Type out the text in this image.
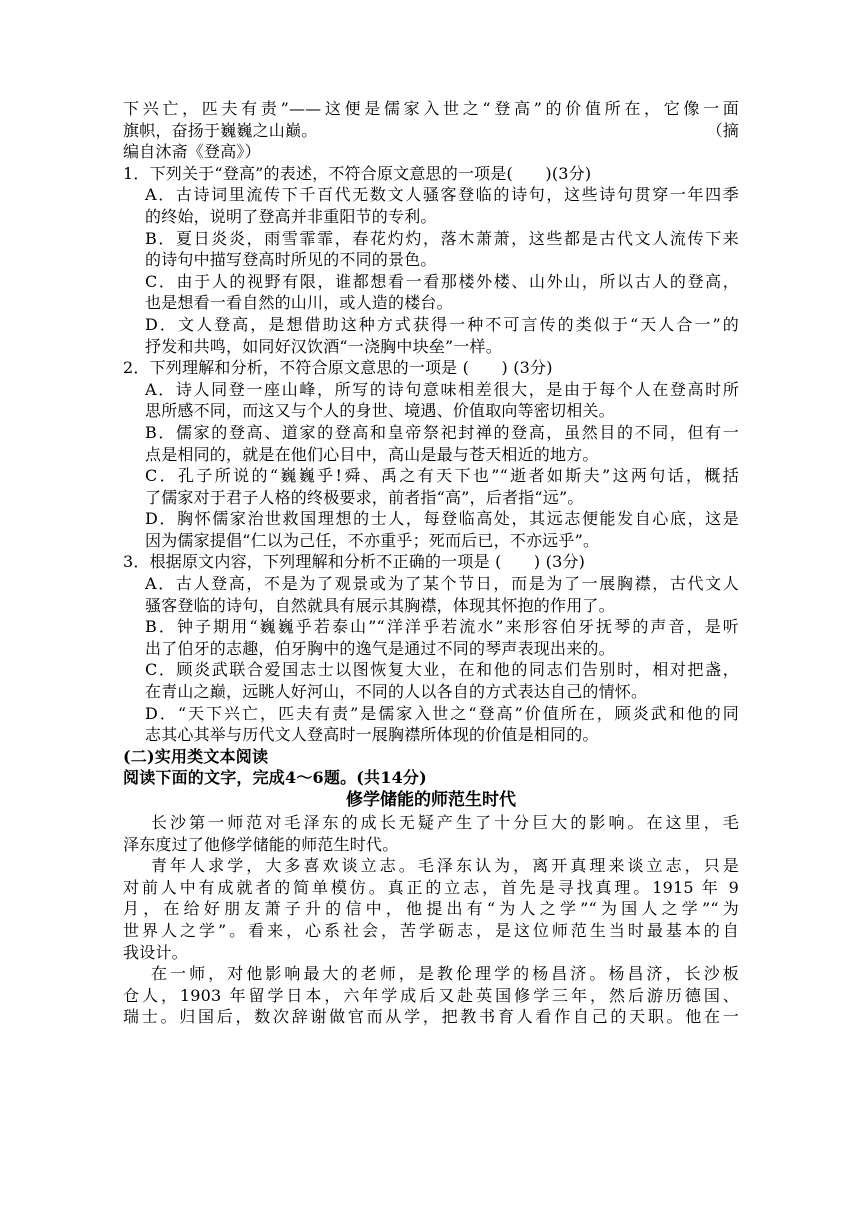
下兴亡，匹夫有责”——这便是儒家入世之“登高”的价值所在，它像一面
旗帜，奋扬于巍巍之山巅。	（摘
编自沐斋《登高》）
1．下列关于“登高”的表述，不符合原文意思的一项是(　　)(3分)
A．古诗词里流传下千百代无数文人骚客登临的诗句，这些诗句贯穿一年四季
的终始，说明了登高并非重阳节的专利。
B．夏日炎炎，雨雪霏霏，春花灼灼，落木萧萧，这些都是古代文人流传下来
的诗句中描写登高时所见的不同的景色。
C．由于人的视野有限，谁都想看一看那楼外楼、山外山，所以古人的登高，
也是想看一看自然的山川，或人造的楼台。
D．文人登高，是想借助这种方式获得一种不可言传的类似于“天人合一”的
抒发和共鸣，如同好汉饮酒“一浇胸中块垒”一样。
2．下列理解和分析，不符合原文意思的一项是 (　　) (3分)
A．诗人同登一座山峰，所写的诗句意味相差很大，是由于每个人在登高时所
思所感不同，而这又与个人的身世、境遇、价值取向等密切相关。
B．儒家的登高、道家的登高和皇帝祭祀封禅的登高，虽然目的不同，但有一
点是相同的，就是在他们心目中，高山是最与苍天相近的地方。
C．孔子所说的“巍巍乎!舜、禹之有天下也”“逝者如斯夫”这两句话，概括
了儒家对于君子人格的终极要求，前者指“高”，后者指“远”。
D．胸怀儒家治世救国理想的士人，每登临高处，其远志便能发自心底，这是
因为儒家提倡“仁以为己任，不亦重乎；死而后已，不亦远乎”。
3．根据原文内容，下列理解和分析不正确的一项是 (　　) (3分)
A．古人登高，不是为了观景或为了某个节日，而是为了一展胸襟，古代文人
骚客登临的诗句，自然就具有展示其胸襟，体现其怀抱的作用了。
B．钟子期用“巍巍乎若泰山”“洋洋乎若流水”来形容伯牙抚琴的声音，是听
出了伯牙的志趣，伯牙胸中的逸气是通过不同的琴声表现出来的。
C．顾炎武联合爱国志士以图恢复大业，在和他的同志们告别时，相对把盏，
在青山之巅，远眺人好河山，不同的人以各自的方式表达自己的情怀。
D．“天下兴亡，匹夫有责”是儒家入世之“登高”价值所在，顾炎武和他的同
志其心其举与历代文人登高时一展胸襟所体现的价值是相同的。
(二)实用类文本阅读
阅读下面的文字，完成4～6题。(共14分)
修学储能的师范生时代
长沙第一师范对毛泽东的成长无疑产生了十分巨大的影响。在这里，毛
泽东度过了他修学储能的师范生时代。
青年人求学，大多喜欢谈立志。毛泽东认为，离开真理来谈立志，只是
对前人中有成就者的简单模仿。真正的立志，首先是寻找真理。1915 年 9
月，在给好朋友萧子升的信中，他提出有“为人之学”“为国人之学”“为
世界人之学”。看来，心系社会，苦学砺志，是这位师范生当时最基本的自
我设计。
在一师，对他影响最大的老师，是教伦理学的杨昌济。杨昌济，长沙板
仓人，1903 年留学日本，六年学成后又赴英国修学三年，然后游历德国、
瑞士。归国后，数次辞谢做官而从学，把教书育人看作自己的天职。他在一
